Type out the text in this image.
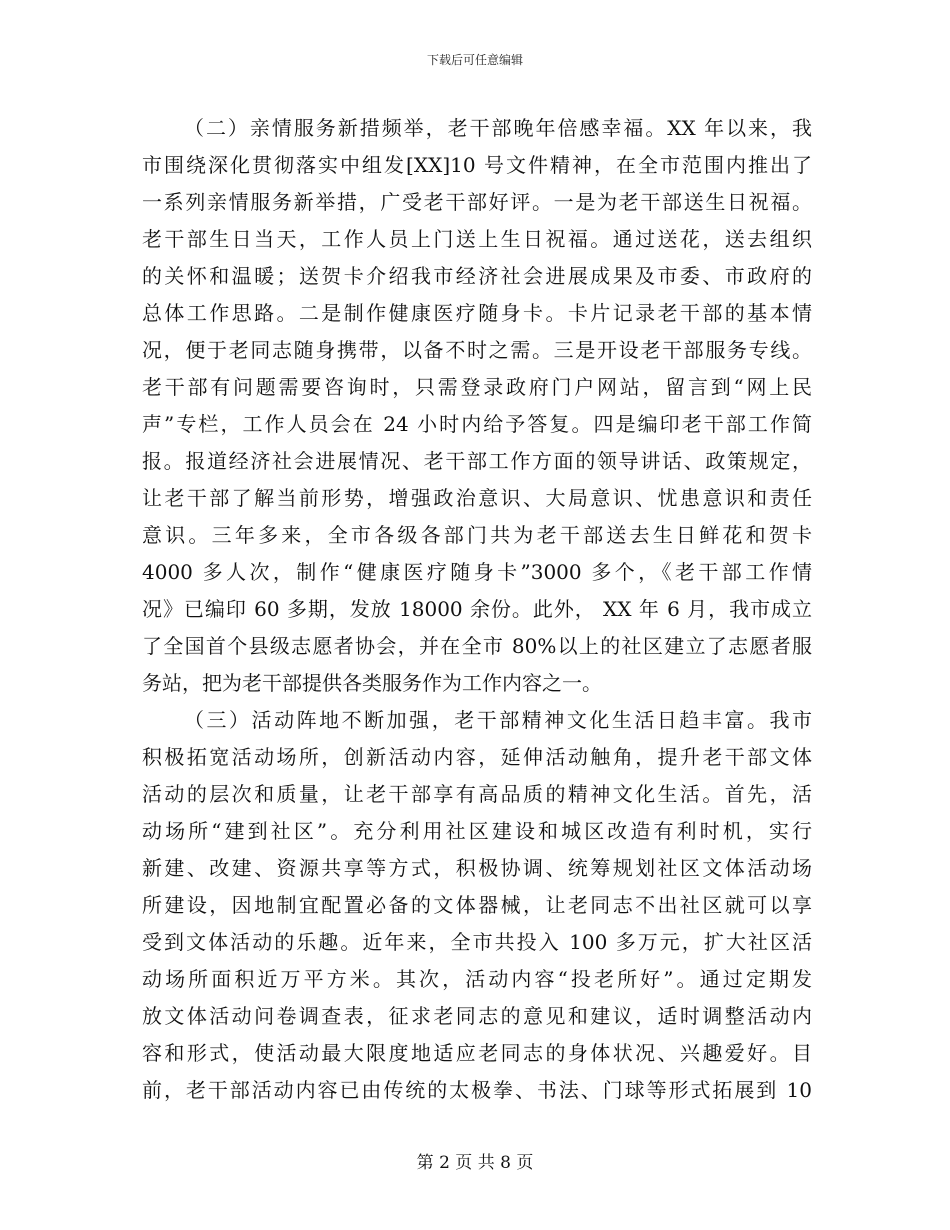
下载后可任意编辑
（二）亲情服务新措频举，老干部晚年倍感幸福。XX 年以来，我
市围绕深化贯彻落实中组发[XX]10 号文件精神，在全市范围内推出了
一系列亲情服务新举措，广受老干部好评。一是为老干部送生日祝福。
老干部生日当天，工作人员上门送上生日祝福。通过送花，送去组织
的关怀和温暖；送贺卡介绍我市经济社会进展成果及市委、市政府的
总体工作思路。二是制作健康医疗随身卡。卡片记录老干部的基本情
况，便于老同志随身携带，以备不时之需。三是开设老干部服务专线。
老干部有问题需要咨询时，只需登录政府门户网站，留言到“网上民
声”专栏，工作人员会在 24 小时内给予答复。四是编印老干部工作简
报。报道经济社会进展情况、老干部工作方面的领导讲话、政策规定，
让老干部了解当前形势，增强政治意识、大局意识、忧患意识和责任
意识。三年多来，全市各级各部门共为老干部送去生日鲜花和贺卡
4000 多人次，制作“健康医疗随身卡”3000 多个，《老干部工作情
况》已编印 60 多期，发放 18000 余份。此外， XX 年 6 月，我市成立
了全国首个县级志愿者协会，并在全市 80%以上的社区建立了志愿者服
务站，把为老干部提供各类服务作为工作内容之一。
（三）活动阵地不断加强，老干部精神文化生活日趋丰富。我市
积极拓宽活动场所，创新活动内容，延伸活动触角，提升老干部文体
活动的层次和质量，让老干部享有高品质的精神文化生活。首先，活
动场所“建到社区”。充分利用社区建设和城区改造有利时机，实行
新建、改建、资源共享等方式，积极协调、统筹规划社区文体活动场
所建设，因地制宜配置必备的文体器械，让老同志不出社区就可以享
受到文体活动的乐趣。近年来，全市共投入 100 多万元，扩大社区活
动场所面积近万平方米。其次，活动内容“投老所好”。通过定期发
放文体活动问卷调查表，征求老同志的意见和建议，适时调整活动内
容和形式，使活动最大限度地适应老同志的身体状况、兴趣爱好。目
前，老干部活动内容已由传统的太极拳、书法、门球等形式拓展到 10
第 2 页 共 8 页
